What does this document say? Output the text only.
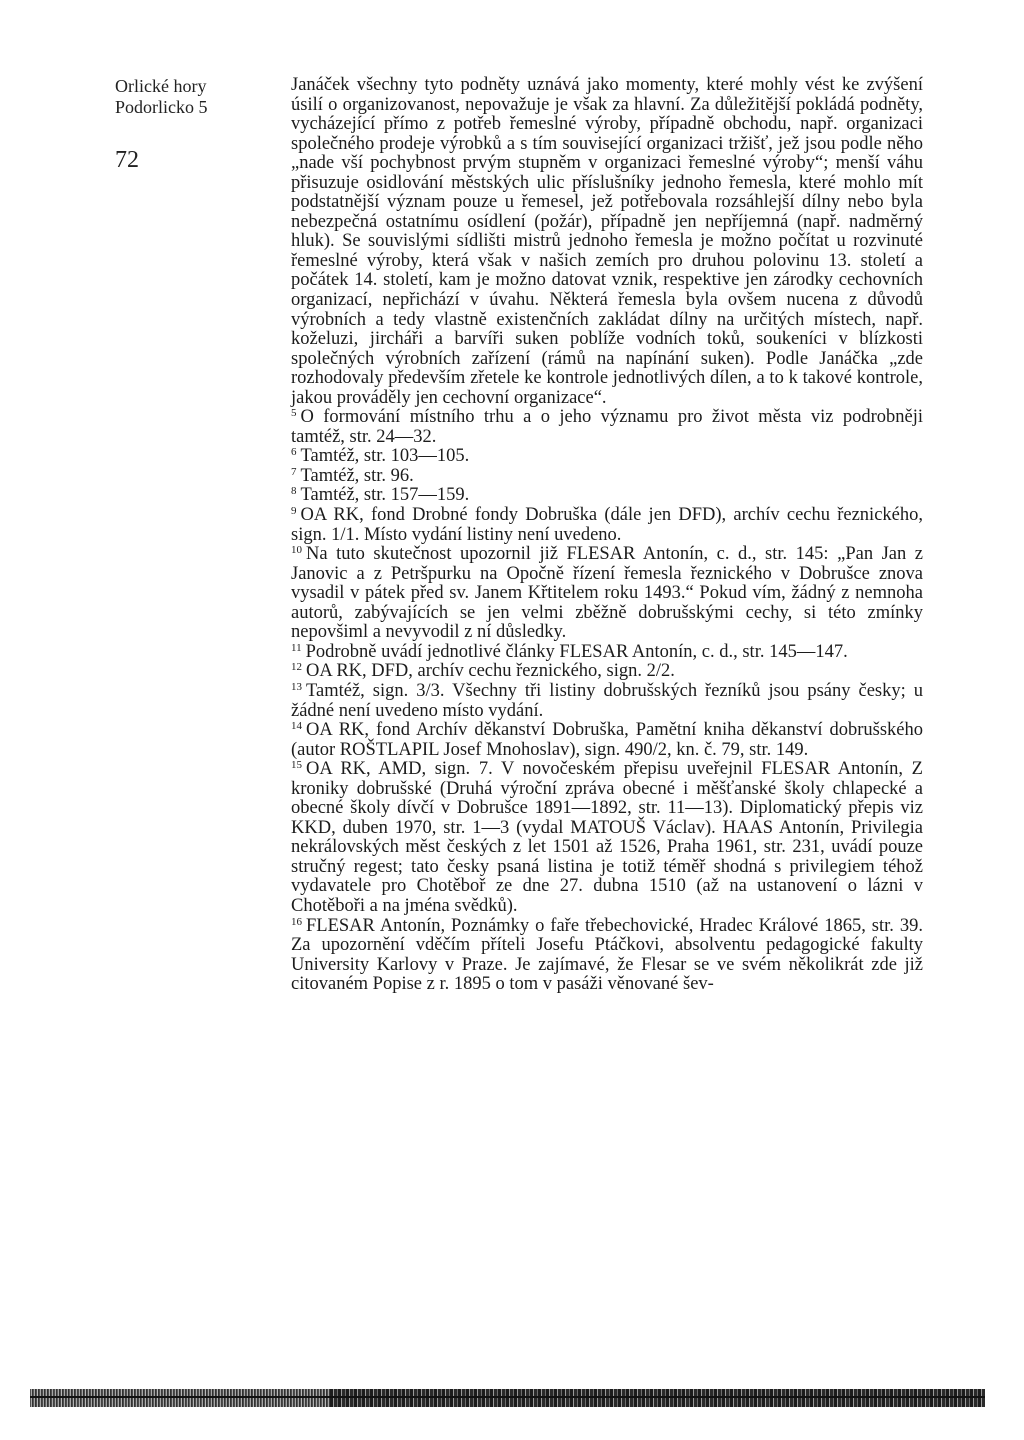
Orlické hory
Podorlicko 5
72

Janáček všechny tyto podněty uznává jako momenty, které mohly vést ke zvýšení úsilí o organizovanost, nepovažuje je však za hlavní. Za důležitější pokládá podněty, vycházející přímo z potřeb řemeslné výroby, případně obchodu, např. organizaci společného prodeje výrobků a s tím související organizaci tržišť, jež jsou podle něho „nade vší pochybnost prvým stupněm v organizaci řemeslné výroby“; menší váhu přisuzuje osidlování městských ulic příslušníky jednoho řemesla, které mohlo mít podstatnější význam pouze u řemesel, jež potřebovala rozsáhlejší dílny nebo byla nebezpečná ostatnímu osídlení (požár), případně jen nepříjemná (např. nadměrný hluk). Se souvislými sídlišti mistrů jednoho řemesla je možno počítat u rozvinuté řemeslné výroby, která však v našich zemích pro druhou polovinu 13. století a počátek 14. století, kam je možno datovat vznik, respektive jen zárodky cechovních organizací, nepřichází v úvahu. Některá řemesla byla ovšem nucena z důvodů výrobních a tedy vlastně existenčních zakládat dílny na určitých místech, např. koželuzi, jircháři a barvíři suken poblíže vodních toků, soukeníci v blízkosti společných výrobních zařízení (rámů na napínání suken). Podle Janáčka „zde rozhodovaly především zřetele ke kontrole jednotlivých dílen, a to k takové kontrole, jakou prováděly jen cechovní organizace“.

$^5$ O formování místního trhu a o jeho významu pro život města viz podrobněji tamtéž, str. 24—32.

$^6$ Tamtéž, str. 103—105.

$^7$ Tamtéž, str. 96.

$^8$ Tamtéž, str. 157—159.

$^9$ OA RK, fond Drobné fondy Dobruška (dále jen DFD), archív cechu řeznického, sign. 1/1. Místo vydání listiny není uvedeno.

$^{10}$ Na tuto skutečnost upozornil již FLESAR Antonín, c. d., str. 145: „Pan Jan z Janovic a z Petršpurku na Opočně řízení řemesla řeznického v Dobrušce znova vysadil v pátek před sv. Janem Křtitelem roku 1493.“ Pokud vím, žádný z nemnoha autorů, zabývajících se jen velmi zběžně dobrušskými cechy, si této zmínky nepovšiml a nevyvodil z ní důsledky.

$^{11}$ Podrobně uvádí jednotlivé články FLESAR Antonín, c. d., str. 145—147.

$^{12}$ OA RK, DFD, archív cechu řeznického, sign. 2/2.

$^{13}$ Tamtéž, sign. 3/3. Všechny tři listiny dobrušských řezníků jsou psány česky; u žádné není uvedeno místo vydání.

$^{14}$ OA RK, fond Archív děkanství Dobruška, Pamětní kniha děkanství dobrušského (autor ROŠTLAPIL Josef Mnohoslav), sign. 490/2, kn. č. 79, str. 149.

$^{15}$ OA RK, AMD, sign. 7. V novočeském přepisu uveřejnil FLESAR Antonín, Z kroniky dobrušské (Druhá výroční zpráva obecné i měšťanské školy chlapecké a obecné školy dívčí v Dobrušce 1891—1892, str. 11—13). Diplomatický přepis viz KKD, duben 1970, str. 1—3 (vydal MATOUŠ Václav). HAAS Antonín, Privilegia nekrálovských měst českých z let 1501 až 1526, Praha 1961, str. 231, uvádí pouze stručný regest; tato česky psaná listina je totiž téměř shodná s privilegiem téhož vydavatele pro Chotěboř ze dne 27. dubna 1510 (až na ustanovení o lázni v Chotěboři a na jména svědků).

$^{16}$ FLESAR Antonín, Poznámky o faře třebechovické, Hradec Králové 1865, str. 39. Za upozornění vděčím příteli Josefu Ptáčkovi, absolventu pedagogické fakulty University Karlovy v Praze. Je zajímavé, že Flesar se ve svém několikrát zde již citovaném Popise z r. 1895 o tom v pasáži věnované šev-
